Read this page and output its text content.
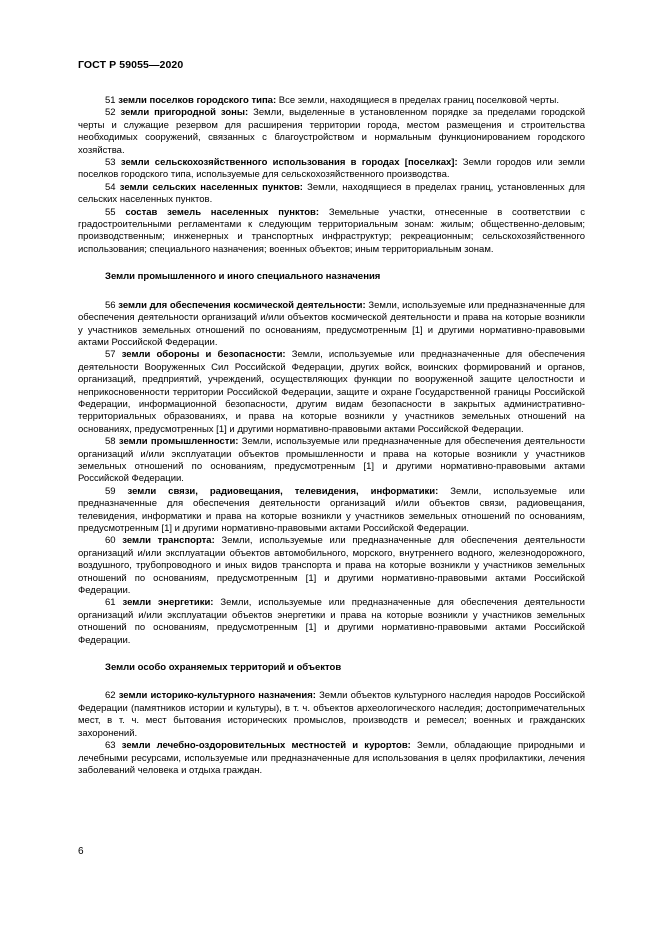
ГОСТ Р 59055—2020

51 земли поселков городского типа: Все земли, находящиеся в пределах границ поселковой черты.

52 земли пригородной зоны: Земли, выделенные в установленном порядке за пределами городской черты и служащие резервом для расширения территории города, местом размещения и строительства необходимых сооружений, связанных с благоустройством и нормальным функционированием городского хозяйства.

53 земли сельскохозяйственного использования в городах [поселках]: Земли городов или земли поселков городского типа, используемые для сельскохозяйственного производства.

54 земли сельских населенных пунктов: Земли, находящиеся в пределах границ, установленных для сельских населенных пунктов.

55 состав земель населенных пунктов: Земельные участки, отнесенные в соответствии с градостроительными регламентами к следующим территориальным зонам: жилым; общественно-деловым; производственным; инженерных и транспортных инфраструктур; рекреационным; сельскохозяйственного использования; специального назначения; военных объектов; иным территориальным зонам.

Земли промышленного и иного специального назначения

56 земли для обеспечения космической деятельности: Земли, используемые или предназначенные для обеспечения деятельности организаций и/или объектов космической деятельности и права на которые возникли у участников земельных отношений по основаниям, предусмотренным [1] и другими нормативно-правовыми актами Российской Федерации.

57 земли обороны и безопасности: Земли, используемые или предназначенные для обеспечения деятельности Вооруженных Сил Российской Федерации, других войск, воинских формирований и органов, организаций, предприятий, учреждений, осуществляющих функции по вооруженной защите целостности и неприкосновенности территории Российской Федерации, защите и охране Государственной границы Российской Федерации, информационной безопасности, другим видам безопасности в закрытых административно-территориальных образованиях, и права на которые возникли у участников земельных отношений на основаниях, предусмотренных [1] и другими нормативно-правовыми актами Российской Федерации.

58 земли промышленности: Земли, используемые или предназначенные для обеспечения деятельности организаций и/или эксплуатации объектов промышленности и права на которые возникли у участников земельных отношений по основаниям, предусмотренным [1] и другими нормативно-правовыми актами Российской Федерации.

59 земли связи, радиовещания, телевидения, информатики: Земли, используемые или предназначенные для обеспечения деятельности организаций и/или объектов связи, радиовещания, телевидения, информатики и права на которые возникли у участников земельных отношений по основаниям, предусмотренным [1] и другими нормативно-правовыми актами Российской Федерации.

60 земли транспорта: Земли, используемые или предназначенные для обеспечения деятельности организаций и/или эксплуатации объектов автомобильного, морского, внутреннего водного, железнодорожного, воздушного, трубопроводного и иных видов транспорта и права на которые возникли у участников земельных отношений по основаниям, предусмотренным [1] и другими нормативно-правовыми актами Российской Федерации.

61 земли энергетики: Земли, используемые или предназначенные для обеспечения деятельности организаций и/или эксплуатации объектов энергетики и права на которые возникли у участников земельных отношений по основаниям, предусмотренным [1] и другими нормативно-правовыми актами Российской Федерации.

Земли особо охраняемых территорий и объектов

62 земли историко-культурного назначения: Земли объектов культурного наследия народов Российской Федерации (памятников истории и культуры), в т. ч. объектов археологического наследия; достопримечательных мест, в т. ч. мест бытования исторических промыслов, производств и ремесел; военных и гражданских захоронений.

63 земли лечебно-оздоровительных местностей и курортов: Земли, обладающие природными и лечебными ресурсами, используемые или предназначенные для использования в целях профилактики, лечения заболеваний человека и отдыха граждан.

6
